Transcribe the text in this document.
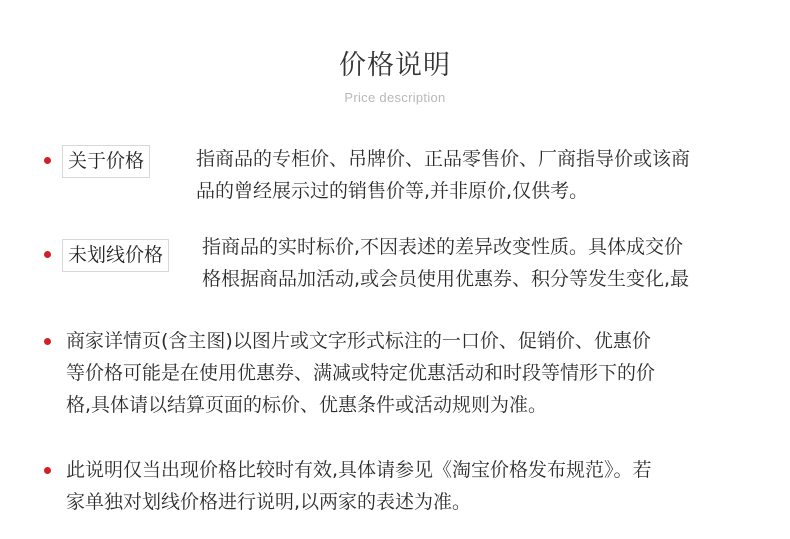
价格说明
Price description
关于价格	指商品的专柜价、吊牌价、正品零售价、厂商指导价或该商
品的曾经展示过的销售价等,并非原价,仅供考。
未划线价格	指商品的实时标价,不因表述的差异改变性质。具体成交价
格根据商品加活动,或会员使用优惠券、积分等发生变化,最
商家详情页(含主图)以图片或文字形式标注的一口价、促销价、优惠价
等价格可能是在使用优惠券、满减或特定优惠活动和时段等情形下的价
格,具体请以结算页面的标价、优惠条件或活动规则为准。
此说明仅当出现价格比较时有效,具体请参见《淘宝价格发布规范》。若
家单独对划线价格进行说明,以两家的表述为准。
